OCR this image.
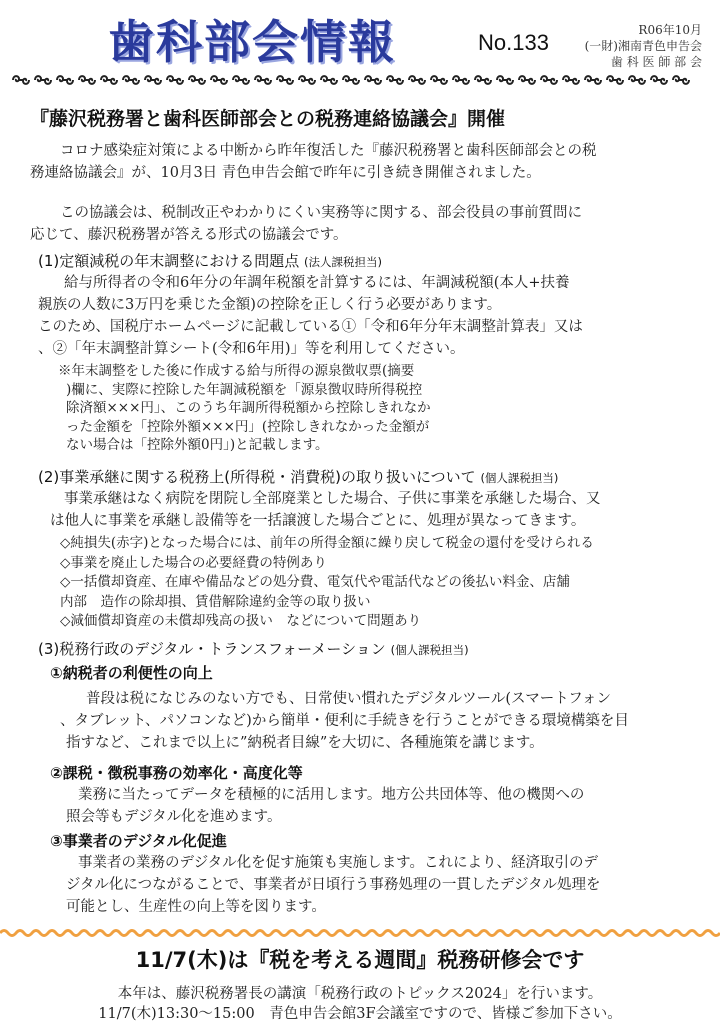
歯科部会情報	No.133	R06年10月
(一財)湘南青色申告会
歯 科 医 師 部 会
『藤沢税務署と歯科医師部会との税務連絡協議会』開催
コロナ感染症対策による中断から昨年復活した『藤沢税務署と歯科医師部会との税
務連絡協議会』が、10月3日 青色申告会館で昨年に引き続き開催されました。
この協議会は、税制改正やわかりにくい実務等に関する、部会役員の事前質問に
応じて、藤沢税務署が答える形式の協議会です。
(1)定額減税の年末調整における問題点 (法人課税担当)
給与所得者の令和6年分の年調年税額を計算するには、年調減税額(本人+扶養
親族の人数に3万円を乗じた金額)の控除を正しく行う必要があります。
このため、国税庁ホームページに記載している①「令和6年分年末調整計算表」又は
、②「年末調整計算シート(令和6年用)」等を利用してください。
※年末調整をした後に作成する給与所得の源泉徴収票(摘要
)欄に、実際に控除した年調減税額を「源泉徴収時所得税控
除済額×××円」、このうち年調所得税額から控除しきれなか
った金額を「控除外額×××円」(控除しきれなかった金額が
ない場合は「控除外額0円」)と記載します。
(2)事業承継に関する税務上(所得税・消費税)の取り扱いについて (個人課税担当)
事業承継はなく病院を閉院し全部廃業とした場合、子供に事業を承継した場合、又
は他人に事業を承継し設備等を一括譲渡した場合ごとに、処理が異なってきます。
◇純損失(赤字)となった場合には、前年の所得金額に繰り戻して税金の還付を受けられる
◇事業を廃止した場合の必要経費の特例あり
◇一括償却資産、在庫や備品などの処分費、電気代や電話代などの後払い料金、店舗
内部　造作の除却損、賃借解除違約金等の取り扱い
◇減価償却資産の未償却残高の扱い　などについて問題あり
(3)税務行政のデジタル・トランスフォーメーション (個人課税担当)
①納税者の利便性の向上
普段は税になじみのない方でも、日常使い慣れたデジタルツール(スマートフォン
、タブレット、パソコンなど)から簡単・便利に手続きを行うことができる環境構築を目
指すなど、これまで以上に”納税者目線”を大切に、各種施策を講じます。
②課税・徴税事務の効率化・高度化等
業務に当たってデータを積極的に活用します。地方公共団体等、他の機関への
照会等もデジタル化を進めます。
③事業者のデジタル化促進
事業者の業務のデジタル化を促す施策も実施します。これにより、経済取引のデ
ジタル化につながることで、事業者が日頃行う事務処理の一貫したデジタル処理を
可能とし、生産性の向上等を図ります。
11/7(木)は『税を考える週間』税務研修会です
本年は、藤沢税務署長の講演「税務行政のトピックス2024」を行います。
11/7(木)13:30～15:00　青色申告会館3F会議室ですので、皆様ご参加下さい。
